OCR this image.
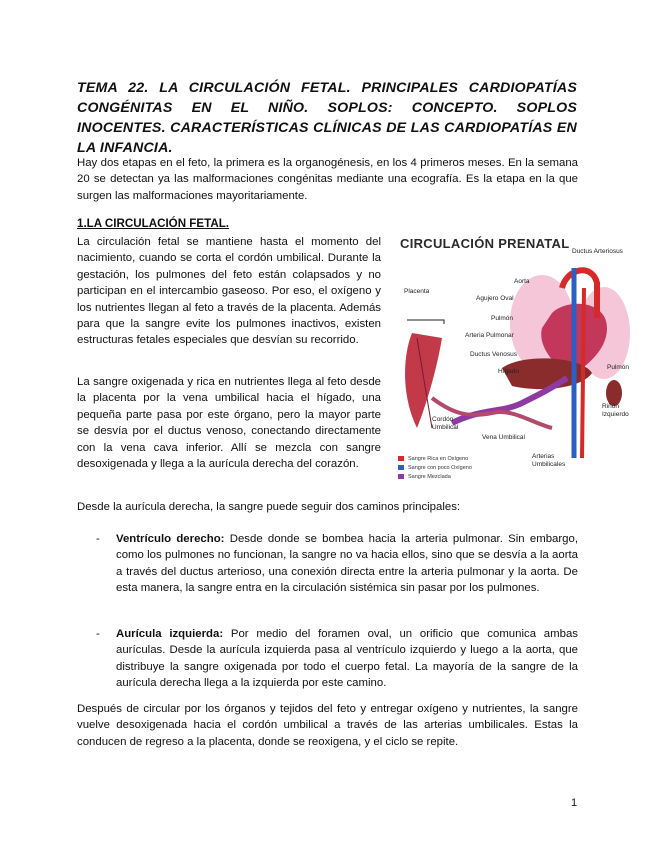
TEMA 22. LA CIRCULACIÓN FETAL. PRINCIPALES CARDIOPATÍAS CONGÉNITAS EN EL NIÑO. SOPLOS: CONCEPTO. SOPLOS INOCENTES. CARACTERÍSTICAS CLÍNICAS DE LAS CARDIOPATÍAS EN LA INFANCIA.

Hay dos etapas en el feto, la primera es la organogénesis, en los 4 primeros meses. En la semana 20 se detectan ya las malformaciones congénitas mediante una ecografía. Es la etapa en la que surgen las malformaciones mayoritariamente.

1.LA CIRCULACIÓN FETAL.

La circulación fetal se mantiene hasta el momento del nacimiento, cuando se corta el cordón umbilical. Durante la gestación, los pulmones del feto están colapsados y no participan en el intercambio gaseoso. Por eso, el oxígeno y los nutrientes llegan al feto a través de la placenta. Además para que la sangre evite los pulmones inactivos, existen estructuras fetales especiales que desvían su recorrido.

La sangre oxigenada y rica en nutrientes llega al feto desde la placenta por la vena umbilical hacia el hígado, una pequeña parte pasa por este órgano, pero la mayor parte se desvía por el ductus venoso, conectando directamente con la vena cava inferior. Allí se mezcla con sangre desoxigenada y llega a la aurícula derecha del corazón.

CIRCULACIÓN PRENATAL
Ductus Arteriosus
Aorta
Agujero Oval
Pulmón
Arteria Pulmonar
Ductus Venosus
Hígado
Placenta
Cordón Umbilical
Vena Umbilical
Arterias Umbilicales
Riñón Izquierdo
Pulmón
Sangre Rica en Oxígeno
Sangre con poco Oxígeno
Sangre Mezclada

Desde la aurícula derecha, la sangre puede seguir dos caminos principales:

- Ventrículo derecho: Desde donde se bombea hacia la arteria pulmonar. Sin embargo, como los pulmones no funcionan, la sangre no va hacia ellos, sino que se desvía a la aorta a través del ductus arterioso, una conexión directa entre la arteria pulmonar y la aorta. De esta manera, la sangre entra en la circulación sistémica sin pasar por los pulmones.
- Aurícula izquierda: Por medio del foramen oval, un orificio que comunica ambas aurículas. Desde la aurícula izquierda pasa al ventrículo izquierdo y luego a la aorta, que distribuye la sangre oxigenada por todo el cuerpo fetal. La mayoría de la sangre de la aurícula derecha llega a la izquierda por este camino.

Después de circular por los órganos y tejidos del feto y entregar oxígeno y nutrientes, la sangre vuelve desoxigenada hacia el cordón umbilical a través de las arterias umbilicales. Estas la conducen de regreso a la placenta, donde se reoxigena, y el ciclo se repite.

1
